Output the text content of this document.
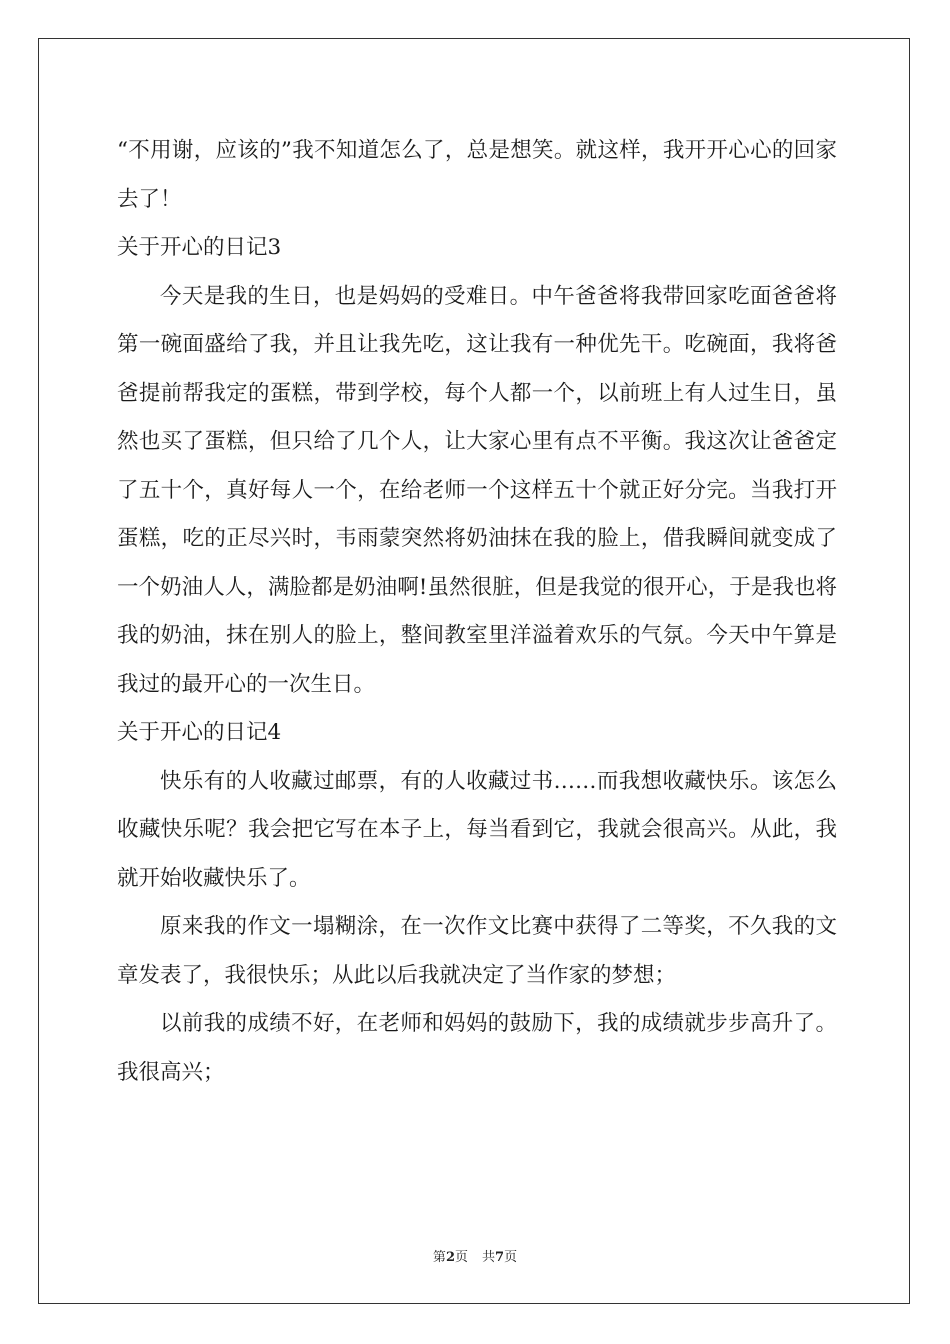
“不用谢，应该的”我不知道怎么了，总是想笑。就这样，我开开心心的回家去了！

关于开心的日记3

今天是我的生日，也是妈妈的受难日。中午爸爸将我带回家吃面爸爸将第一碗面盛给了我，并且让我先吃，这让我有一种优先干。吃碗面，我将爸爸提前帮我定的蛋糕，带到学校，每个人都一个，以前班上有人过生日，虽然也买了蛋糕，但只给了几个人，让大家心里有点不平衡。我这次让爸爸定了五十个，真好每人一个，在给老师一个这样五十个就正好分完。当我打开蛋糕，吃的正尽兴时，韦雨蒙突然将奶油抹在我的脸上，借我瞬间就变成了一个奶油人人，满脸都是奶油啊!虽然很脏，但是我觉的很开心，于是我也将我的奶油，抹在别人的脸上，整间教室里洋溢着欢乐的气氛。今天中午算是我过的最开心的一次生日。

关于开心的日记4

快乐有的人收藏过邮票，有的人收藏过书……而我想收藏快乐。该怎么收藏快乐呢？我会把它写在本子上，每当看到它，我就会很高兴。从此，我就开始收藏快乐了。

原来我的作文一塌糊涂，在一次作文比赛中获得了二等奖，不久我的文章发表了，我很快乐；从此以后我就决定了当作家的梦想；

以前我的成绩不好，在老师和妈妈的鼓励下，我的成绩就步步高升了。我很高兴；

第2页 共7页
